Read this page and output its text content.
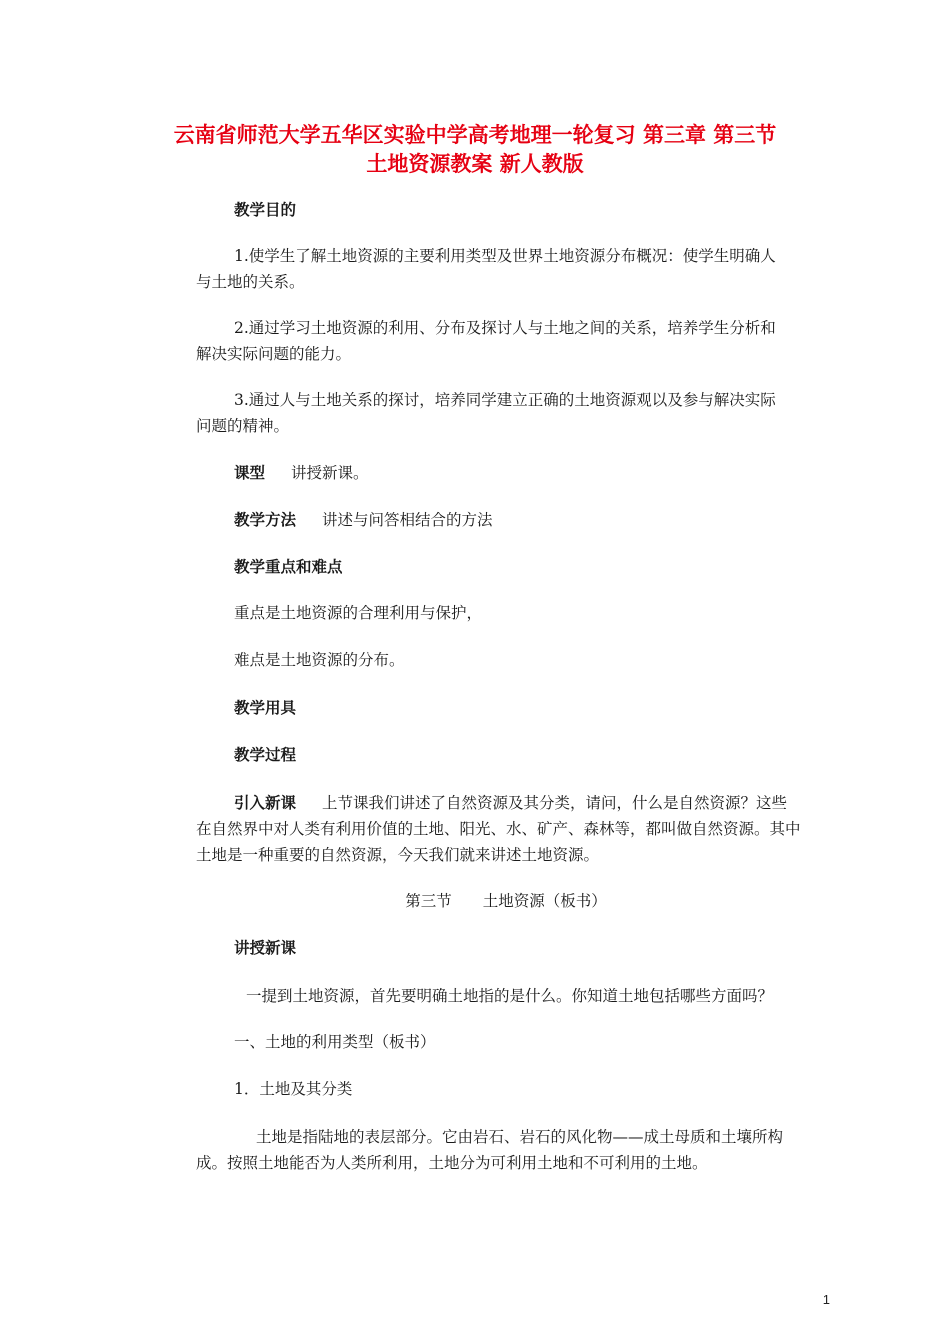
云南省师范大学五华区实验中学高考地理一轮复习 第三章 第三节
土地资源教案 新人教版

教学目的

1.使学生了解土地资源的主要利用类型及世界土地资源分布概况：使学生明确人

与土地的关系。

2.通过学习土地资源的利用、分布及探讨人与土地之间的关系，培养学生分析和

解决实际问题的能力。

3.通过人与土地关系的探讨，培养同学建立正确的土地资源观以及参与解决实际

问题的精神。

课型 讲授新课。

教学方法 讲述与问答相结合的方法

教学重点和难点

重点是土地资源的合理利用与保护，

难点是土地资源的分布。

教学用具

教学过程

引入新课 上节课我们讲述了自然资源及其分类，请问，什么是自然资源？这些

在自然界中对人类有利用价值的土地、阳光、水、矿产、森林等，都叫做自然资源。其中

土地是一种重要的自然资源，今天我们就来讲述土地资源。

第三节　　土地资源（板书）

讲授新课

一提到土地资源，首先要明确土地指的是什么。你知道土地包括哪些方面吗？

一、土地的利用类型（板书）

1．土地及其分类

土地是指陆地的表层部分。它由岩石、岩石的风化物——成土母质和土壤所构

成。按照土地能否为人类所利用，土地分为可利用土地和不可利用的土地。

1
